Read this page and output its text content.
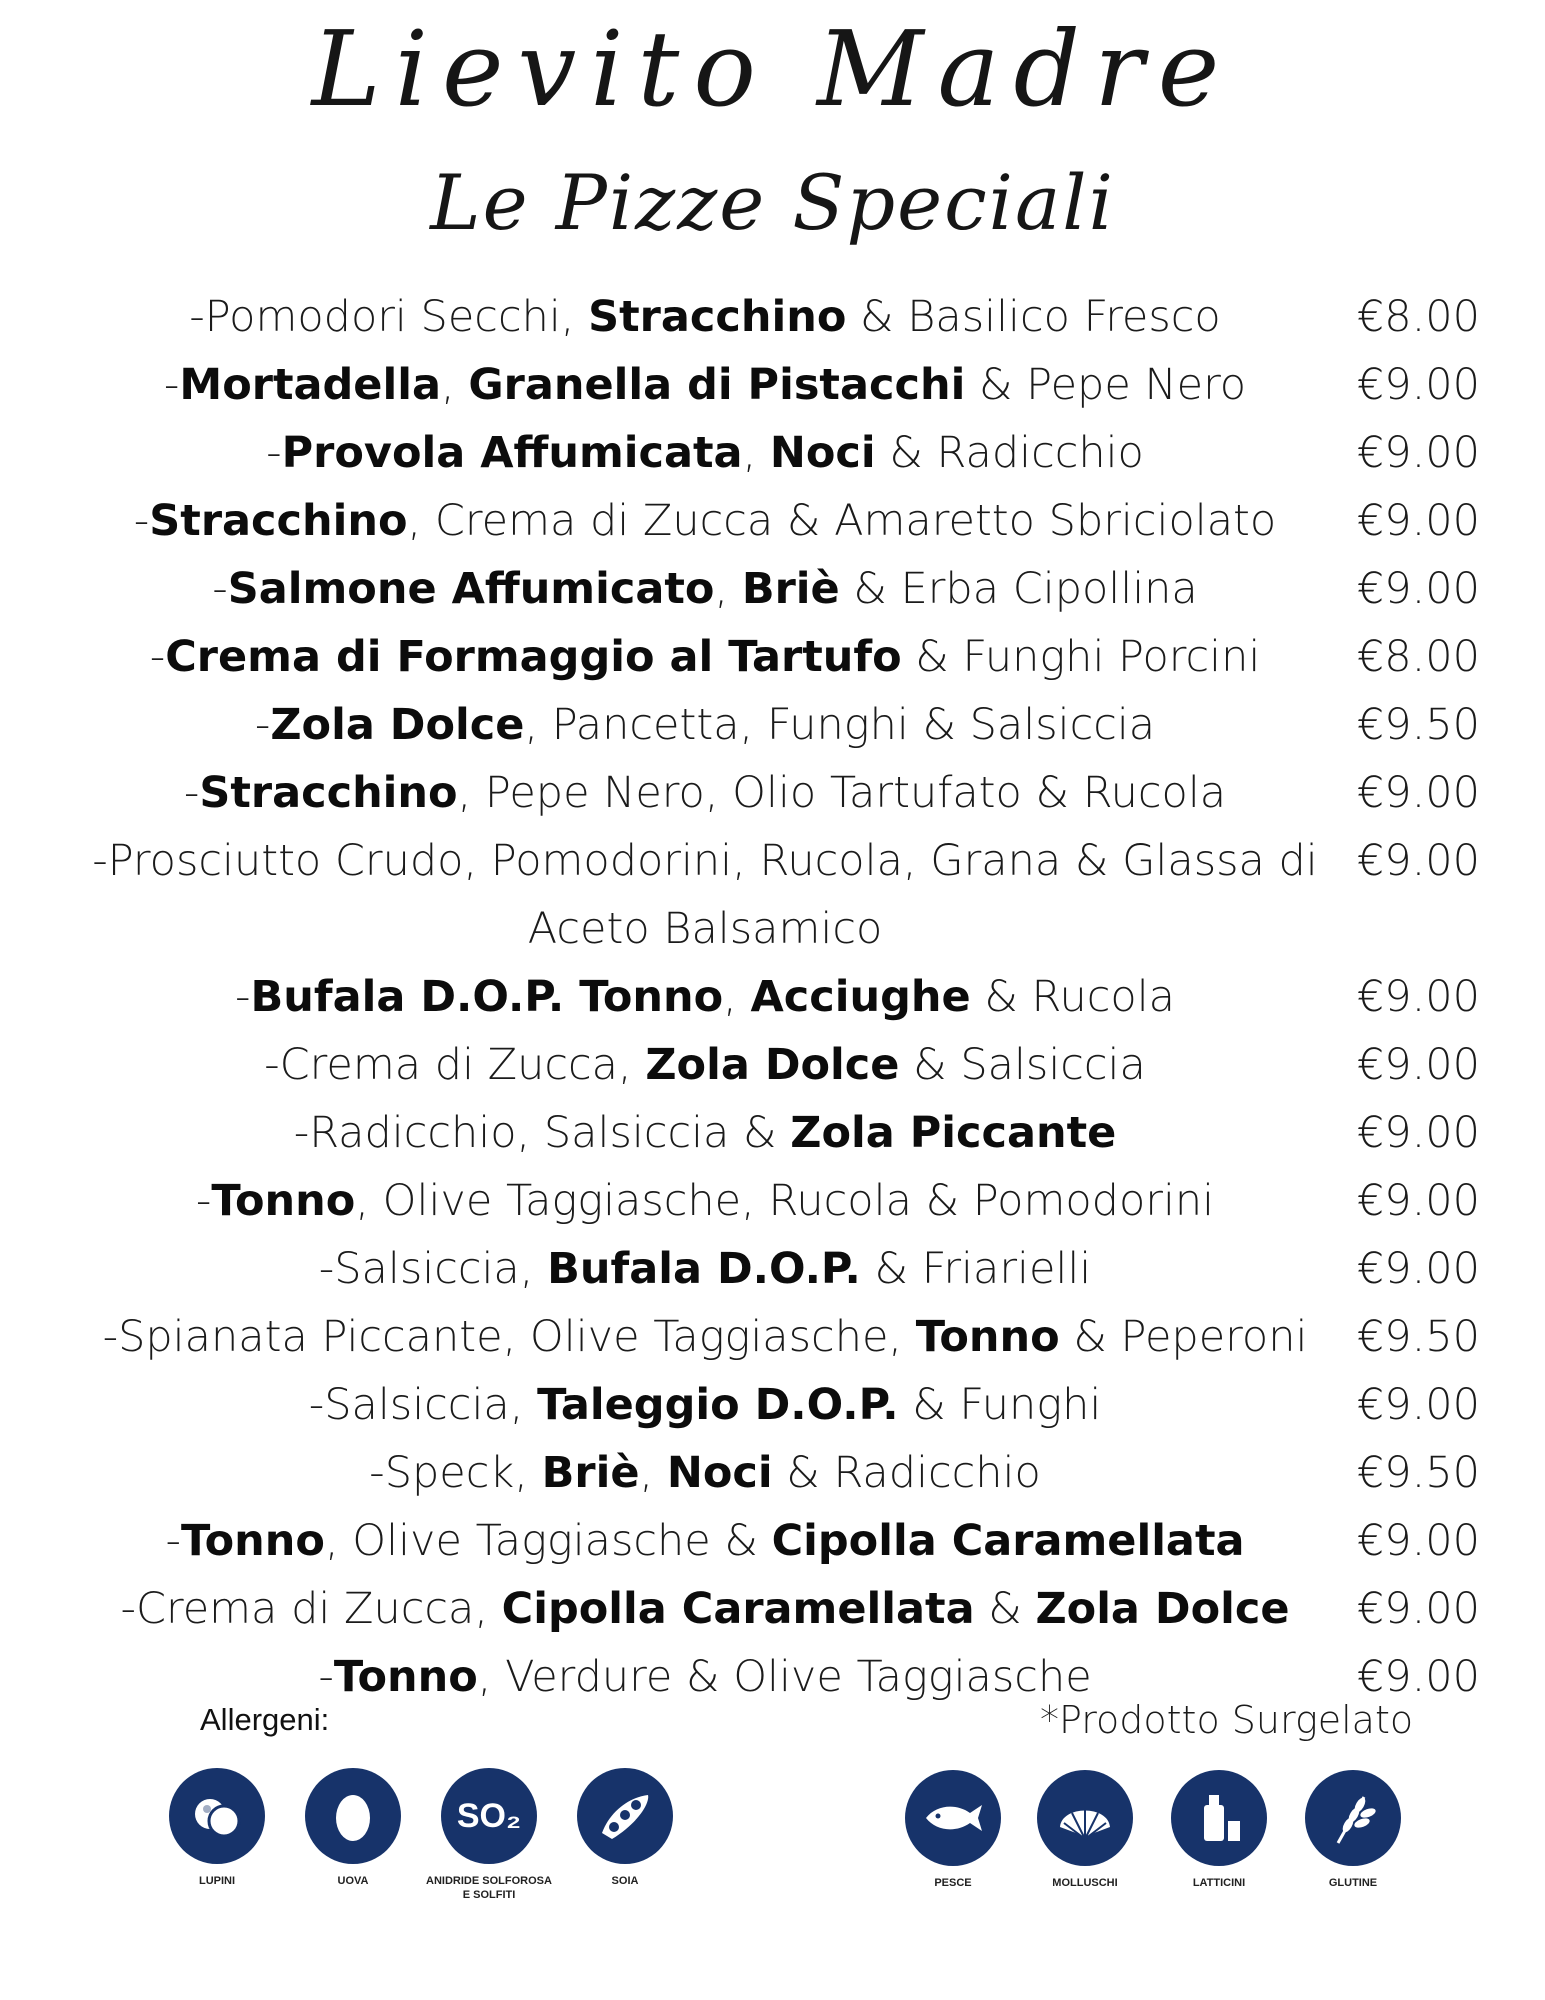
Lievito Madre
Le Pizze Speciali
-Pomodori Secchi, Stracchino & Basilico Fresco	€8.00
-Mortadella, Granella di Pistacchi & Pepe Nero	€9.00
-Provola Affumicata, Noci & Radicchio	€9.00
-Stracchino, Crema di Zucca & Amaretto Sbriciolato	€9.00
-Salmone Affumicato, Briè & Erba Cipollina	€9.00
-Crema di Formaggio al Tartufo & Funghi Porcini	€8.00
-Zola Dolce, Pancetta, Funghi & Salsiccia	€9.50
-Stracchino, Pepe Nero, Olio Tartufato & Rucola	€9.00
-Prosciutto Crudo, Pomodorini, Rucola, Grana & Glassa di Aceto Balsamico
€9.00
-Bufala D.O.P. Tonno, Acciughe & Rucola	€9.00
-Crema di Zucca, Zola Dolce & Salsiccia	€9.00
-Radicchio, Salsiccia & Zola Piccante	€9.00
-Tonno, Olive Taggiasche, Rucola & Pomodorini	€9.00
-Salsiccia, Bufala D.O.P. & Friarielli	€9.00
-Spianata Piccante, Olive Taggiasche, Tonno & Peperoni	€9.50
-Salsiccia, Taleggio D.O.P. & Funghi	€9.00
-Speck, Briè, Noci & Radicchio	€9.50
-Tonno, Olive Taggiasche & Cipolla Caramellata	€9.00
-Crema di Zucca, Cipolla Caramellata & Zola Dolce	€9.00
-Tonno, Verdure & Olive Taggiasche	€9.00
Allergeni:	*Prodotto Surgelato
LUPINI	UOVA
SO₂
ANIDRIDE SOLFOROSA E SOLFITI
SOIA	PESCE	MOLLUSCHI	LATTICINI	GLUTINE
